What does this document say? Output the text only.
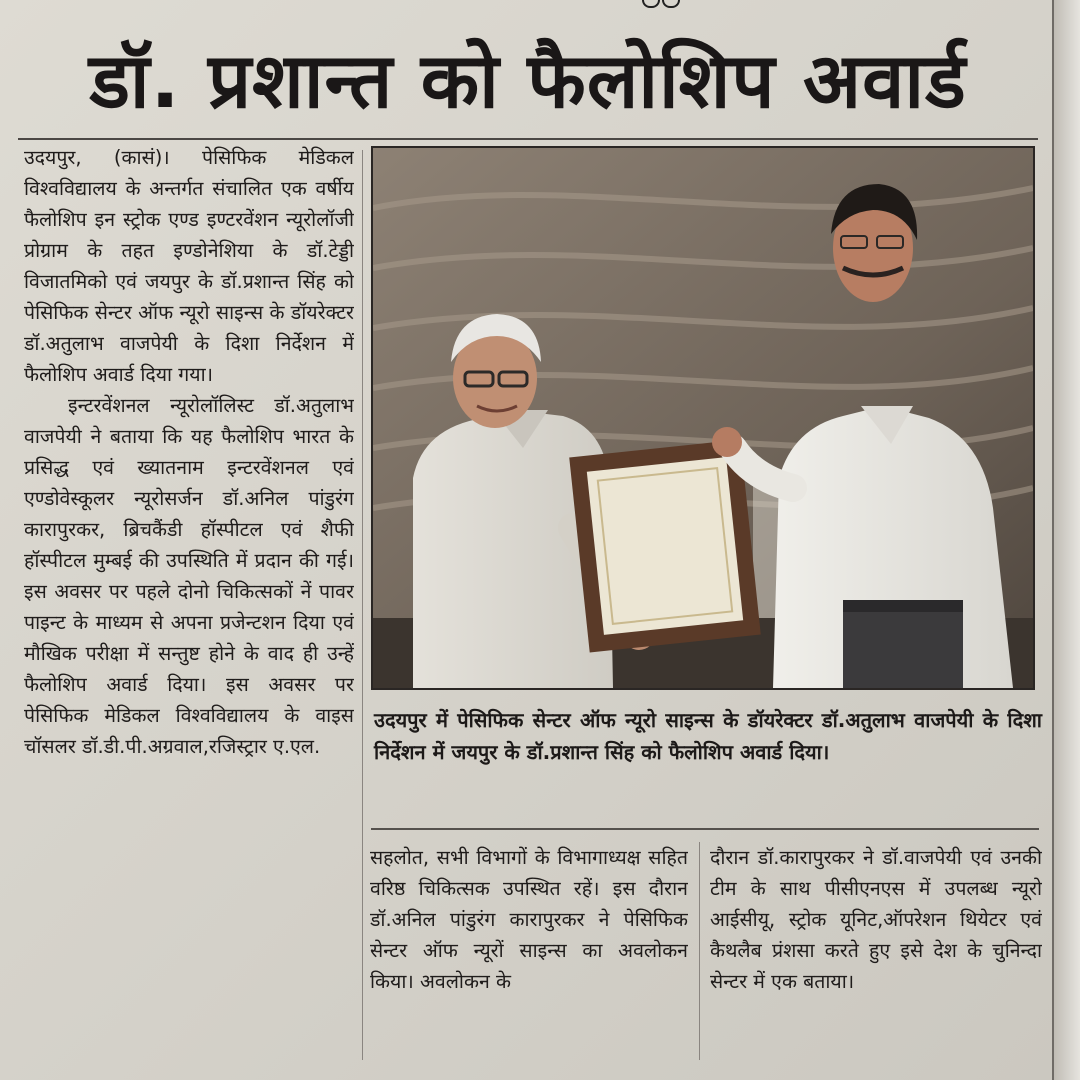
डॉ. प्रशान्त को फैलोशिप अवार्ड

उदयपुर, (कासं)। पेसिफिक मेडिकल विश्वविद्यालय के अन्तर्गत संचालित एक वर्षीय फैलोशिप इन स्ट्रोक एण्ड इण्टरवेंशन न्यूरोलॉजी प्रोग्राम के तहत इण्डोनेशिया के डॉ.टेड्डी विजातमिको एवं जयपुर के डॉ.प्रशान्त सिंह को पेसिफिक सेन्टर ऑफ न्यूरो साइन्स के डॉयरेक्टर डॉ.अतुलाभ वाजपेयी के दिशा निर्देशन में फैलोशिप अवार्ड दिया गया।

इन्टरवेंशनल न्यूरोलॉलिस्ट डॉ.अतुलाभ वाजपेयी ने बताया कि यह फैलोशिप भारत के प्रसिद्ध एवं ख्यातनाम इन्टरवेंशनल एवं एण्डोवेस्कूलर न्यूरोसर्जन डॉ.अनिल पांडुरंग कारापुरकर, ब्रिचकैंडी हॉस्पीटल एवं शैफी हॉस्पीटल मुम्बई की उपस्थिति में प्रदान की गई। इस अवसर पर पहले दोनो चिकित्सकों नें पावर पाइन्ट के माध्यम से अपना प्रजेन्टशन दिया एवं मौखिक परीक्षा में सन्तुष्ट होने के वाद ही उन्हें फैलोशिप अवार्ड दिया। इस अवसर पर पेसिफिक मेडिकल विश्वविद्यालय के वाइस चॉसलर डॉ.डी.पी.अग्रवाल,रजिस्ट्रार ए.एल.

उदयपुर में पेसिफिक सेन्टर ऑफ न्यूरो साइन्स के डॉयरेक्टर डॉ.अतुलाभ वाजपेयी के दिशा निर्देशन में जयपुर के डॉ.प्रशान्त सिंह को फैलोशिप अवार्ड दिया।
सहलोत, सभी विभागों के विभागाध्यक्ष सहित वरिष्ठ चिकित्सक उपस्थित रहें। इस दौरान डॉ.अनिल पांडुरंग कारापुरकर ने पेसिफिक सेन्टर ऑफ न्यूरों साइन्स का अवलोकन किया। अवलोकन के
दौरान डॉ.कारापुरकर ने डॉ.वाजपेयी एवं उनकी टीम के साथ पीसीएनएस में उपलब्ध न्यूरो आईसीयू, स्ट्रोक यूनिट,ऑपरेशन थियेटर एवं कैथलैब प्रंशसा करते हुए इसे देश के चुनिन्दा सेन्टर में एक बताया।
